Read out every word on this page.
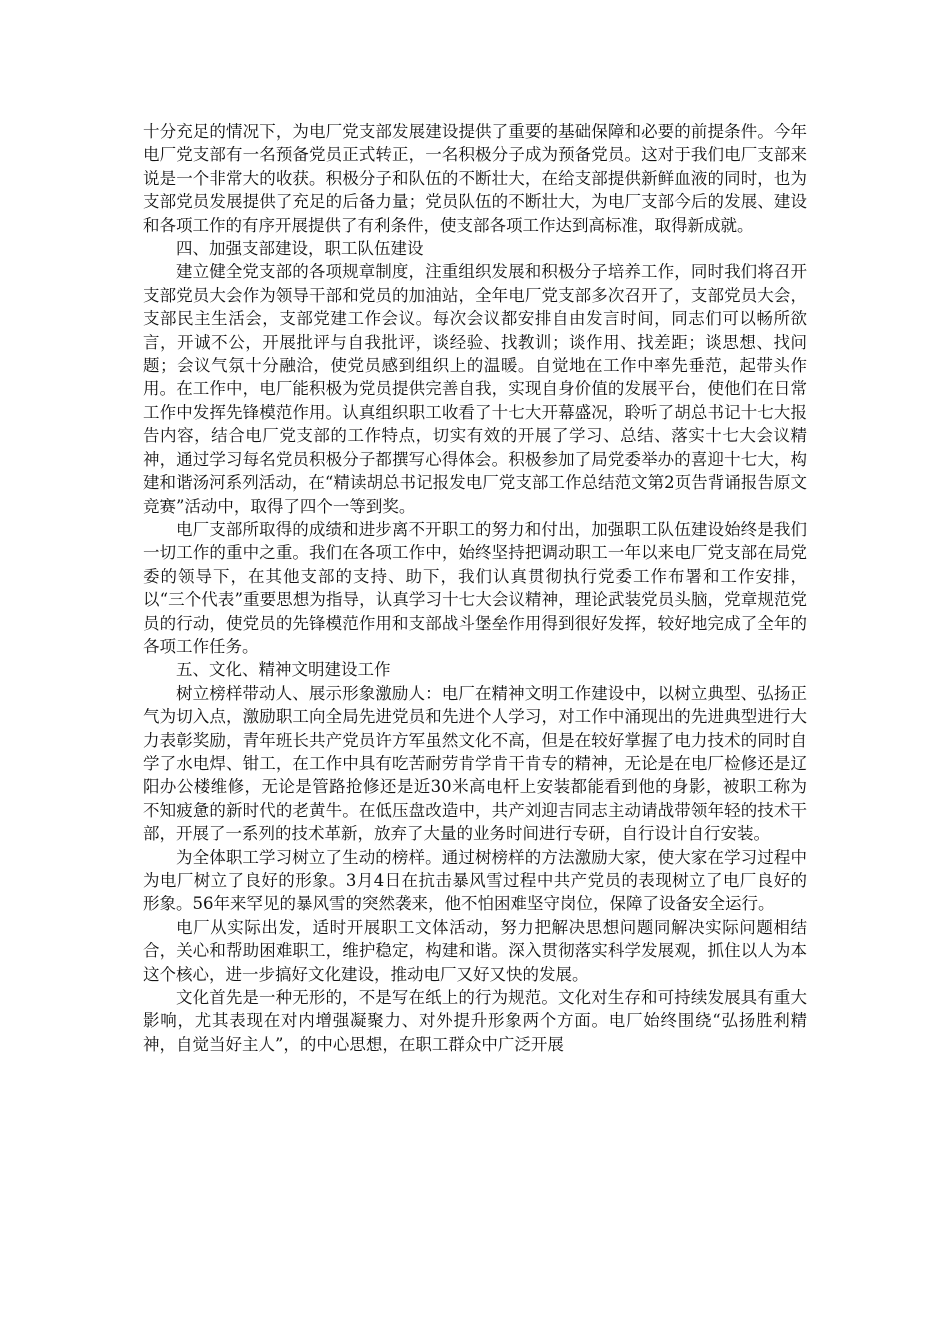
十分充足的情况下，为电厂党支部发展建设提供了重要的基础保障和必要的前提条件。今年电厂党支部有一名预备党员正式转正，一名积极分子成为预备党员。这对于我们电厂支部来说是一个非常大的收获。积极分子和队伍的不断壮大，在给支部提供新鲜血液的同时，也为支部党员发展提供了充足的后备力量；党员队伍的不断壮大，为电厂支部今后的发展、建设和各项工作的有序开展提供了有利条件，使支部各项工作达到高标准，取得新成就。

四、加强支部建设，职工队伍建设

建立健全党支部的各项规章制度，注重组织发展和积极分子培养工作，同时我们将召开支部党员大会作为领导干部和党员的加油站，全年电厂党支部多次召开了，支部党员大会，支部民主生活会，支部党建工作会议。每次会议都安排自由发言时间，同志们可以畅所欲言，开诚不公，开展批评与自我批评，谈经验、找教训；谈作用、找差距；谈思想、找问题；会议气氛十分融洽，使党员感到组织上的温暖。自觉地在工作中率先垂范，起带头作用。在工作中，电厂能积极为党员提供完善自我，实现自身价值的发展平台，使他们在日常工作中发挥先锋模范作用。认真组织职工收看了十七大开幕盛况，聆听了胡总书记十七大报告内容，结合电厂党支部的工作特点，切实有效的开展了学习、总结、落实十七大会议精神，通过学习每名党员积极分子都撰写心得体会。积极参加了局党委举办的喜迎十七大，构建和谐汤河系列活动，在“精读胡总书记报发电厂党支部工作总结范文第2页告背诵报告原文竞赛”活动中，取得了四个一等到奖。

电厂支部所取得的成绩和进步离不开职工的努力和付出，加强职工队伍建设始终是我们一切工作的重中之重。我们在各项工作中，始终坚持把调动职工一年以来电厂党支部在局党委的领导下，在其他支部的支持、助下，我们认真贯彻执行党委工作布署和工作安排，以“三个代表”重要思想为指导，认真学习十七大会议精神，理论武装党员头脑，党章规范党员的行动，使党员的先锋模范作用和支部战斗堡垒作用得到很好发挥，较好地完成了全年的各项工作任务。

五、文化、精神文明建设工作

树立榜样带动人、展示形象激励人：电厂在精神文明工作建设中，以树立典型、弘扬正气为切入点，激励职工向全局先进党员和先进个人学习，对工作中涌现出的先进典型进行大力表彰奖励，青年班长共产党员许方军虽然文化不高，但是在较好掌握了电力技术的同时自学了水电焊、钳工，在工作中具有吃苦耐劳肯学肯干肯专的精神，无论是在电厂检修还是辽阳办公楼维修，无论是管路抢修还是近30米高电杆上安装都能看到他的身影，被职工称为不知疲惫的新时代的老黄牛。在低压盘改造中，共产刘迎吉同志主动请战带领年轻的技术干部，开展了一系列的技术革新，放弃了大量的业务时间进行专研，自行设计自行安装。

为全体职工学习树立了生动的榜样。通过树榜样的方法激励大家，使大家在学习过程中为电厂树立了良好的形象。3月4日在抗击暴风雪过程中共产党员的表现树立了电厂良好的形象。56年来罕见的暴风雪的突然袭来，他不怕困难坚守岗位，保障了设备安全运行。

电厂从实际出发，适时开展职工文体活动，努力把解决思想问题同解决实际问题相结合，关心和帮助困难职工，维护稳定，构建和谐。深入贯彻落实科学发展观，抓住以人为本这个核心，进一步搞好文化建设，推动电厂又好又快的发展。

文化首先是一种无形的，不是写在纸上的行为规范。文化对生存和可持续发展具有重大影响，尤其表现在对内增强凝聚力、对外提升形象两个方面。电厂始终围绕“弘扬胜利精神，自觉当好主人”，的中心思想，在职工群众中广泛开展
